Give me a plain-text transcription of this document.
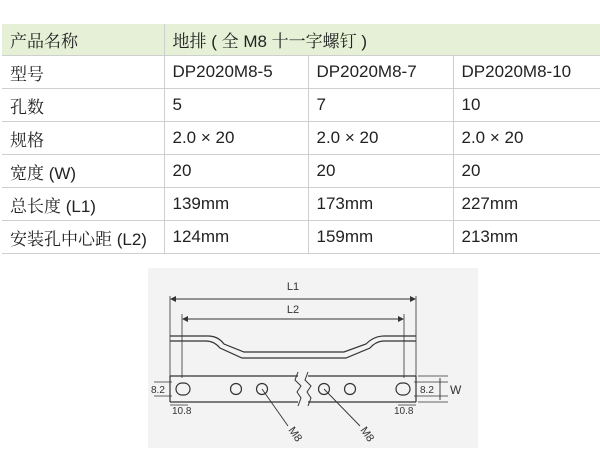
产品名称	地排 ( 全 M8 十一字螺钉 )		
型号	DP2020M8-5	DP2020M8-7	DP2020M8-10
孔数	5	7	10
规格	2.0 × 20	2.0 × 20	2.0 × 20
宽度 (W)	20	20	20
总长度 (L1)	139mm	173mm	227mm
安装孔中心距 (L2)	124mm	159mm	213mm
L1
L2
8.2	8.2 W
10.8	10.8
M8	M8
